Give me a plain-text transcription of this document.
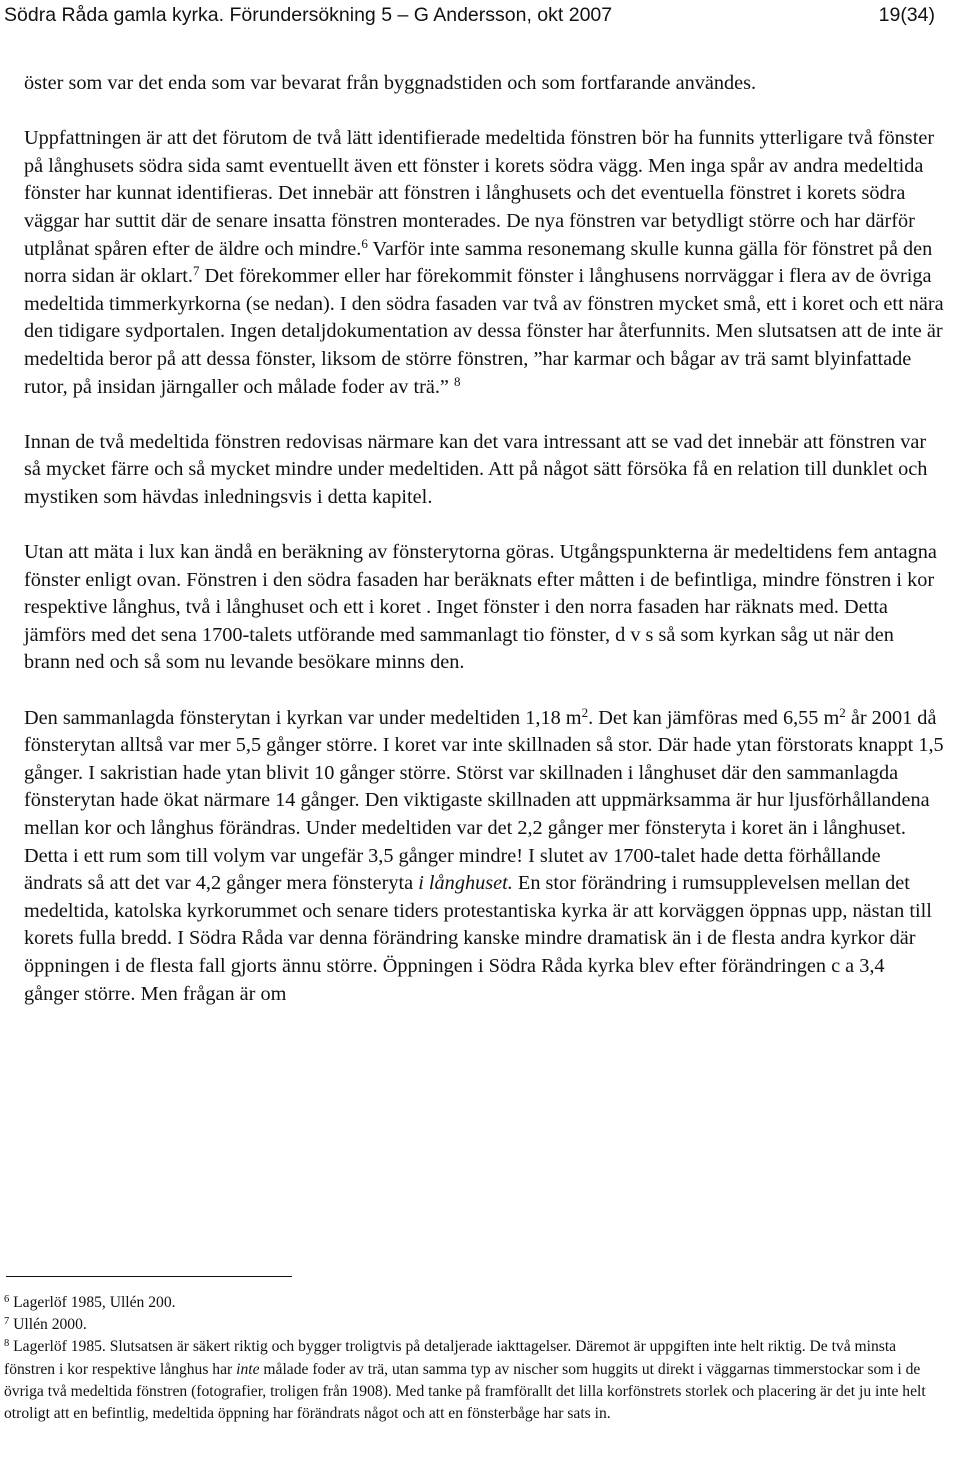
Södra Råda gamla kyrka. Förundersökning 5 – G Andersson, okt 2007	19(34)

öster som var det enda som var bevarat från byggnadstiden och som fortfarande användes.

Uppfattningen är att det förutom de två lätt identifierade medeltida fönstren bör ha funnits ytterligare två fönster på långhusets södra sida samt eventuellt även ett fönster i korets södra vägg. Men inga spår av andra medeltida fönster har kunnat identifieras. Det innebär att fönstren i långhusets och det eventuella fönstret i korets södra väggar har suttit där de senare insatta fönstren monterades. De nya fönstren var betydligt större och har därför utplånat spåren efter de äldre och mindre.$^6$ Varför inte samma resonemang skulle kunna gälla för fönstret på den norra sidan är oklart.$^7$ Det förekommer eller har förekommit fönster i långhusens norrväggar i flera av de övriga medeltida timmerkyrkorna (se nedan). I den södra fasaden var två av fönstren mycket små, ett i koret och ett nära den tidigare sydportalen. Ingen detaljdokumentation av dessa fönster har återfunnits. Men slutsatsen att de inte är medeltida beror på att dessa fönster, liksom de större fönstren, ”har karmar och bågar av trä samt blyinfattade rutor, på insidan järngaller och målade foder av trä.” $^8$

Innan de två medeltida fönstren redovisas närmare kan det vara intressant att se vad det innebär att fönstren var så mycket färre och så mycket mindre under medeltiden. Att på något sätt försöka få en relation till dunklet och mystiken som hävdas inledningsvis i detta kapitel.

Utan att mäta i lux kan ändå en beräkning av fönsterytorna göras. Utgångspunkterna är medeltidens fem antagna fönster enligt ovan. Fönstren i den södra fasaden har beräknats efter måtten i de befintliga, mindre fönstren i kor respektive långhus, två i långhuset och ett i koret . Inget fönster i den norra fasaden har räknats med. Detta jämförs med det sena 1700-talets utförande med sammanlagt tio fönster, d v s så som kyrkan såg ut när den brann ned och så som nu levande besökare minns den.

Den sammanlagda fönsterytan i kyrkan var under medeltiden 1,18 $m^2$. Det kan jämföras med 6,55 $m^2$ år 2001 då fönsterytan alltså var mer 5,5 gånger större. I koret var inte skillnaden så stor. Där hade ytan förstorats knappt 1,5 gånger. I sakristian hade ytan blivit 10 gånger större. Störst var skillnaden i långhuset där den sammanlagda fönsterytan hade ökat närmare 14 gånger. Den viktigaste skillnaden att uppmärksamma är hur ljusförhållandena mellan kor och långhus förändras. Under medeltiden var det 2,2 gånger mer fönsteryta i koret än i långhuset. Detta i ett rum som till volym var ungefär 3,5 gånger mindre! I slutet av 1700-talet hade detta förhållande ändrats så att det var 4,2 gånger mera fönsteryta i långhuset. En stor förändring i rumsupplevelsen mellan det medeltida, katolska kyrkorummet och senare tiders protestantiska kyrka är att korväggen öppnas upp, nästan till korets fulla bredd. I Södra Råda var denna förändring kanske mindre dramatisk än i de flesta andra kyrkor där öppningen i de flesta fall gjorts ännu större. Öppningen i Södra Råda kyrka blev efter förändringen c a 3,4 gånger större. Men frågan är om

$^6$ Lagerlöf 1985, Ullén 200.

$^7$ Ullén 2000.

$^8$ Lagerlöf 1985. Slutsatsen är säkert riktig och bygger troligtvis på detaljerade iakttagelser. Däremot är uppgiften inte helt riktig. De två minsta fönstren i kor respektive långhus har inte målade foder av trä, utan samma typ av nischer som huggits ut direkt i väggarnas timmerstockar som i de övriga två medeltida fönstren (fotografier, troligen från 1908). Med tanke på framförallt det lilla korfönstrets storlek och placering är det ju inte helt otroligt att en befintlig, medeltida öppning har förändrats något och att en fönsterbåge har sats in.
